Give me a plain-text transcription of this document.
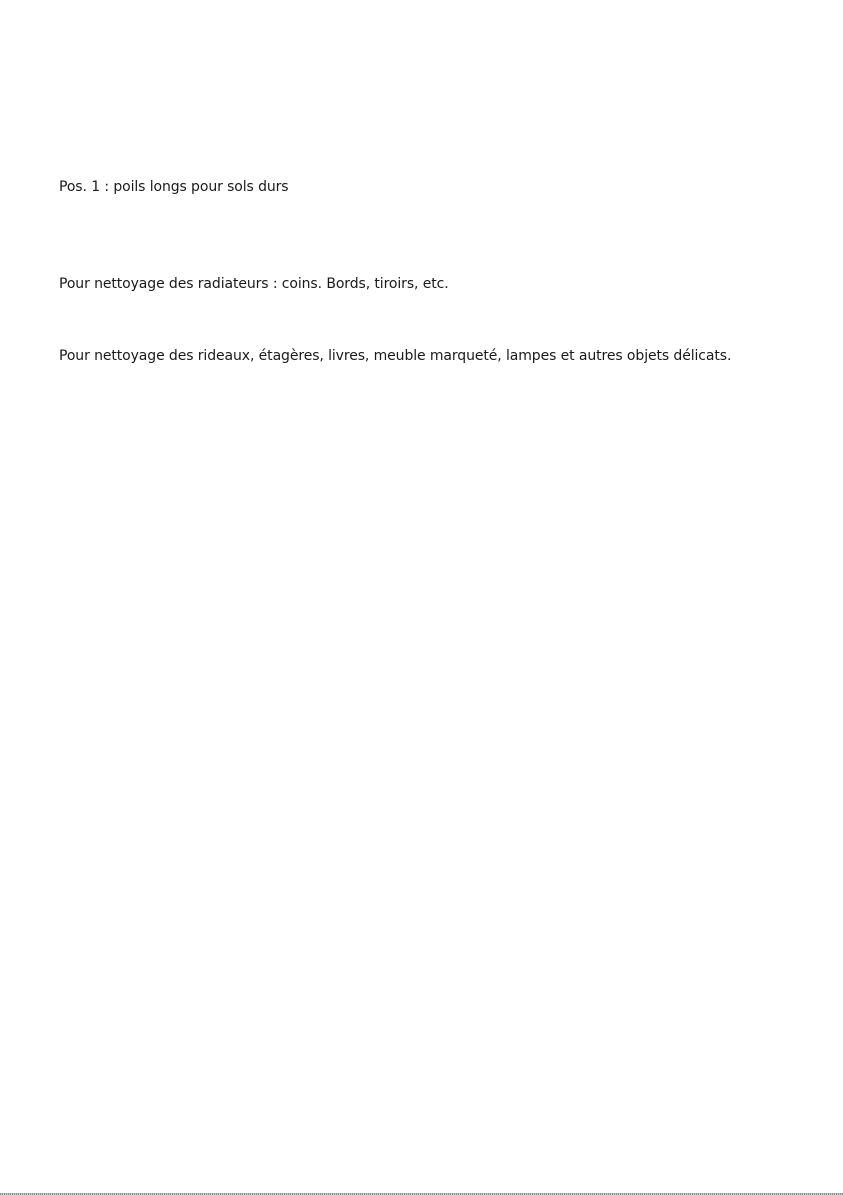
Pos. 1 : poils longs pour sols durs

Pour nettoyage des radiateurs : coins. Bords, tiroirs, etc.

Pour nettoyage des rideaux, étagères, livres, meuble marqueté, lampes et autres objets délicats.
